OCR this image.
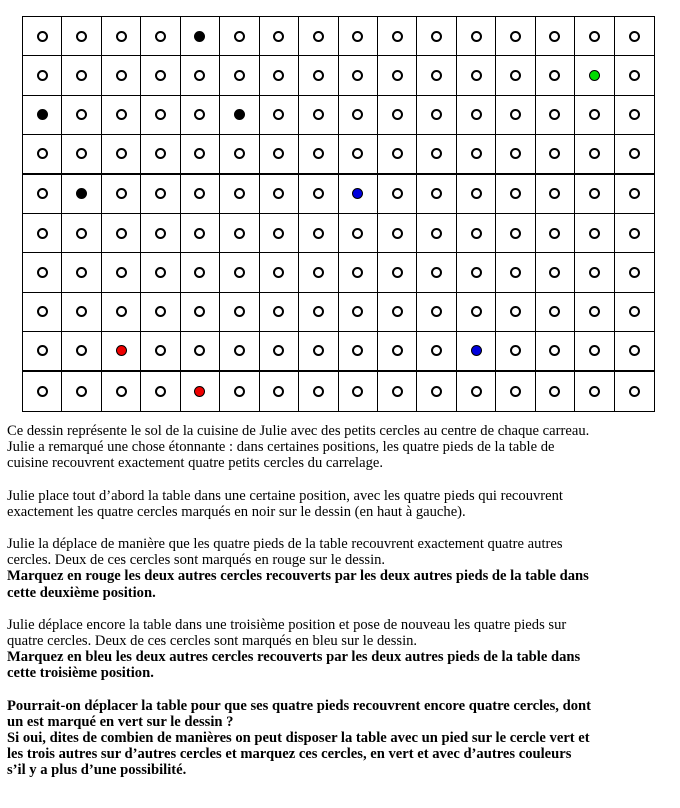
Ce dessin représente le sol de la cuisine de Julie avec des petits cercles au centre de chaque carreau.
Julie a remarqué une chose étonnante : dans certaines positions, les quatre pieds de la table de
cuisine recouvrent exactement quatre petits cercles du carrelage.

Julie place tout d’abord la table dans une certaine position, avec les quatre pieds qui recouvrent
exactement les quatre cercles marqués en noir sur le dessin (en haut à gauche).

Julie la déplace de manière que les quatre pieds de la table recouvrent exactement quatre autres
cercles. Deux de ces cercles sont marqués en rouge sur le dessin.
Marquez en rouge les deux autres cercles recouverts par les deux autres pieds de la table dans
cette deuxième position.

Julie déplace encore la table dans une troisième position et pose de nouveau les quatre pieds sur
quatre cercles. Deux de ces cercles sont marqués en bleu sur le dessin.
Marquez en bleu les deux autres cercles recouverts par les deux autres pieds de la table dans
cette troisième position.

Pourrait-on déplacer la table pour que ses quatre pieds recouvrent encore quatre cercles, dont
un est marqué en vert sur le dessin ?
Si oui, dites de combien de manières on peut disposer la table avec un pied sur le cercle vert et
les trois autres sur d’autres cercles et marquez ces cercles, en vert et avec d’autres couleurs
s’il y a plus d’une possibilité.
